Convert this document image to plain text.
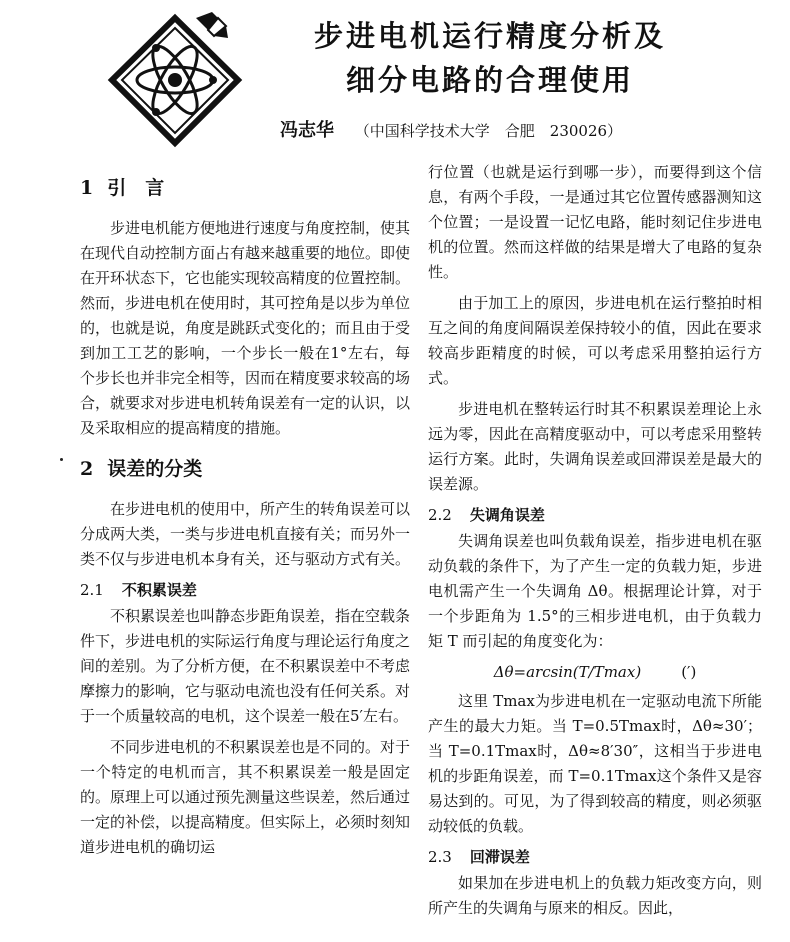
步进电机运行精度分析及
细分电路的合理使用
冯志华 （中国科学技术大学　合肥　230026）
1 引　言

步进电机能方便地进行速度与角度控制，使其在现代自动控制方面占有越来越重要的地位。即使在开环状态下，它也能实现较高精度的位置控制。然而，步进电机在使用时，其可控角是以步为单位的，也就是说，角度是跳跃式变化的；而且由于受到加工工艺的影响，一个步长一般在1°左右，每个步长也并非完全相等，因而在精度要求较高的场合，就要求对步进电机转角误差有一定的认识，以及采取相应的提高精度的措施。

2 误差的分类

在步进电机的使用中，所产生的转角误差可以分成两大类，一类与步进电机直接有关；而另外一类不仅与步进电机本身有关，还与驱动方式有关。

2.1 不积累误差

不积累误差也叫静态步距角误差，指在空载条件下，步进电机的实际运行角度与理论运行角度之间的差别。为了分析方便，在不积累误差中不考虑摩擦力的影响，它与驱动电流也没有任何关系。对于一个质量较高的电机，这个误差一般在5′左右。

不同步进电机的不积累误差也是不同的。对于一个特定的电机而言，其不积累误差一般是固定的。原理上可以通过预先测量这些误差，然后通过一定的补偿，以提高精度。但实际上，必须时刻知道步进电机的确切运

行位置（也就是运行到哪一步），而要得到这个信息，有两个手段，一是通过其它位置传感器测知这个位置；一是设置一记忆电路，能时刻记住步进电机的位置。然而这样做的结果是增大了电路的复杂性。

由于加工上的原因，步进电机在运行整拍时相互之间的角度间隔误差保持较小的值，因此在要求较高步距精度的时候，可以考虑采用整拍运行方式。

步进电机在整转运行时其不积累误差理论上永远为零，因此在高精度驱动中，可以考虑采用整转运行方案。此时，失调角误差或回滞误差是最大的误差源。

2.2 失调角误差

失调角误差也叫负载角误差，指步进电机在驱动负载的条件下，为了产生一定的负载力矩，步进电机需产生一个失调角 Δθ。根据理论计算，对于一个步距角为 1.5°的三相步进电机，由于负载力矩 T 而引起的角度变化为：

Δθ=arcsin(T/Tmax)	(′)

这里 Tmax为步进电机在一定驱动电流下所能产生的最大力矩。当 T=0.5Tmax时，Δθ≈30′；当 T=0.1Tmax时，Δθ≈8′30″，这相当于步进电机的步距角误差，而 T=0.1Tmax这个条件又是容易达到的。可见，为了得到较高的精度，则必须驱动较低的负载。

2.3 回滞误差

如果加在步进电机上的负载力矩改变方向，则所产生的失调角与原来的相反。因此，
